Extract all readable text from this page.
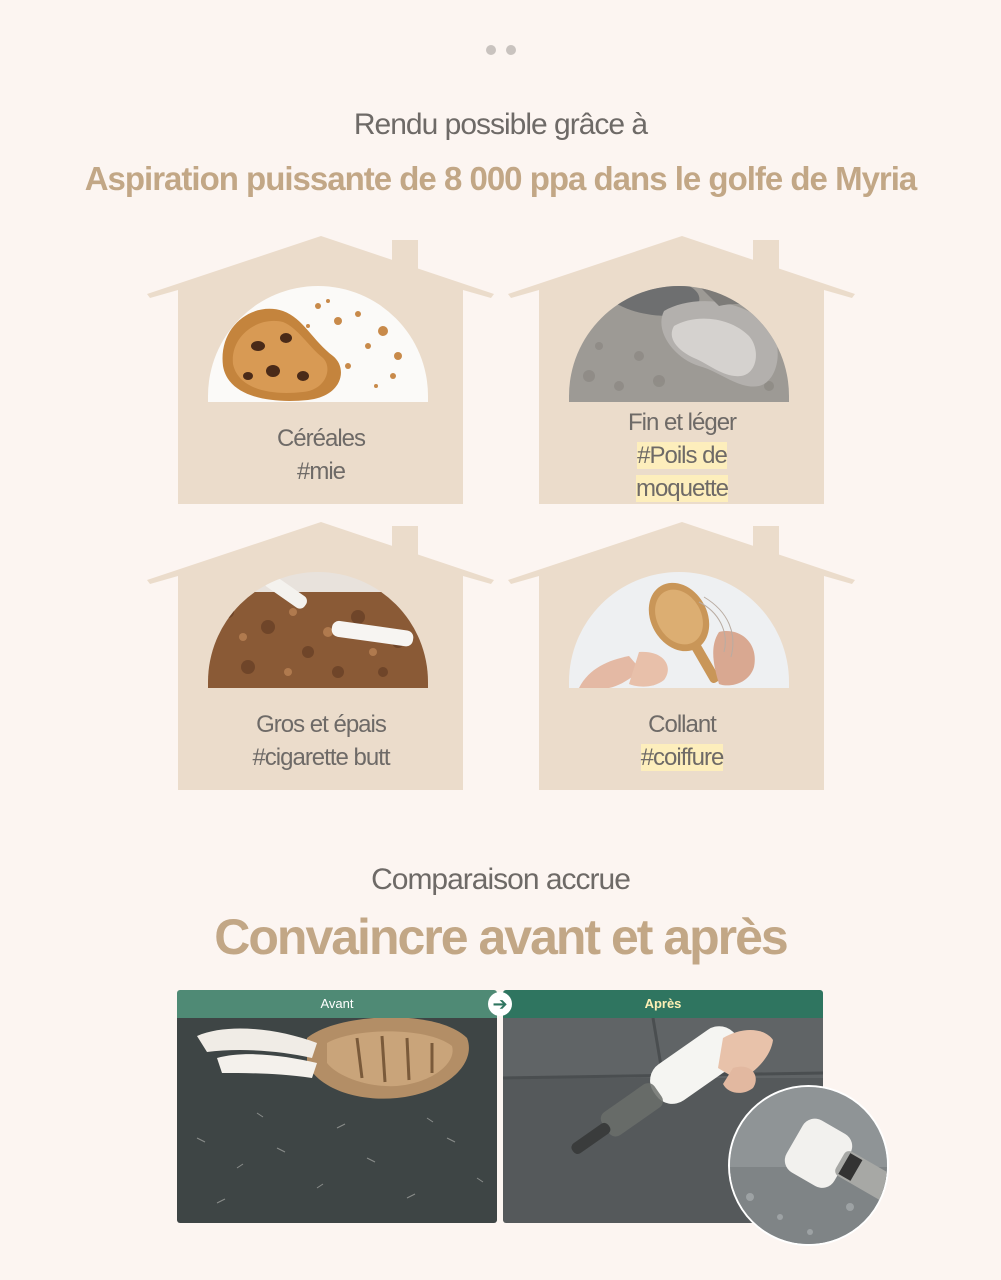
Rendu possible grâce à
Aspiration puissante de 8 000 ppa dans le golfe de Myria
Céréales
#mie
Fin et léger
#Poils de
moquette
Gros et épais
#cigarette butt
Collant
#coiffure
Comparaison accrue
Convaincre avant et après
Avant	Après
➔
